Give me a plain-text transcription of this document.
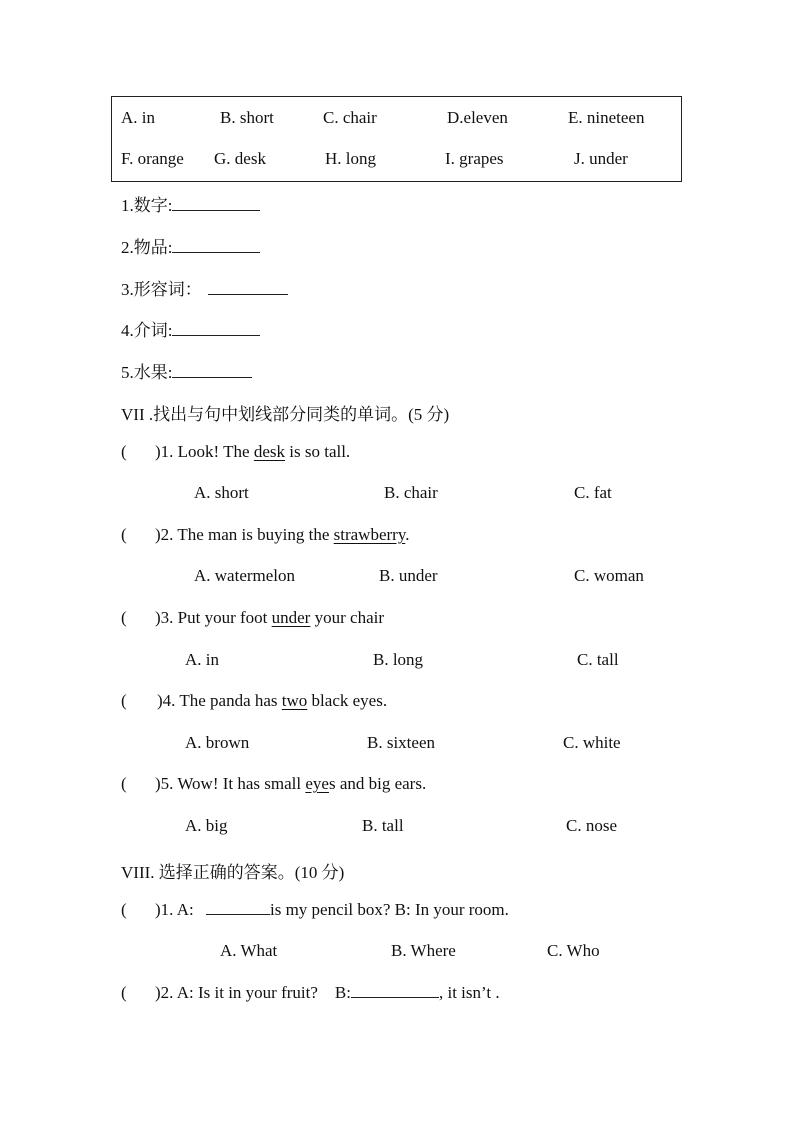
A. in	B. short	C. chair	D.eleven	E. nineteen
F. orange G. desk	H. long	I. grapes	J. under
1.数字:
2.物品:
3.形容词：
4.介词:
5.水果:
VII .找出与句中划线部分同类的单词。(5 分)
( )1. Look! The desk is so tall.
A. short	B. chair	C. fat
( )2. The man is buying the strawberry.
A. watermelon	B. under	C. woman
( )3. Put your foot under your chair
A. in	B. long	C. tall
( )4. The panda has two black eyes.
A. brown	B. sixteen	C. white
( )5. Wow! It has small eyes and big ears.
A. big	B. tall	C. nose
VIII. 选择正确的答案。(10 分)
( )1. A:	is my pencil box? B: In your room.
A. What	B. Where	C. Who
( )2. A: Is it in your fruit?    B:	, it isn’t .
